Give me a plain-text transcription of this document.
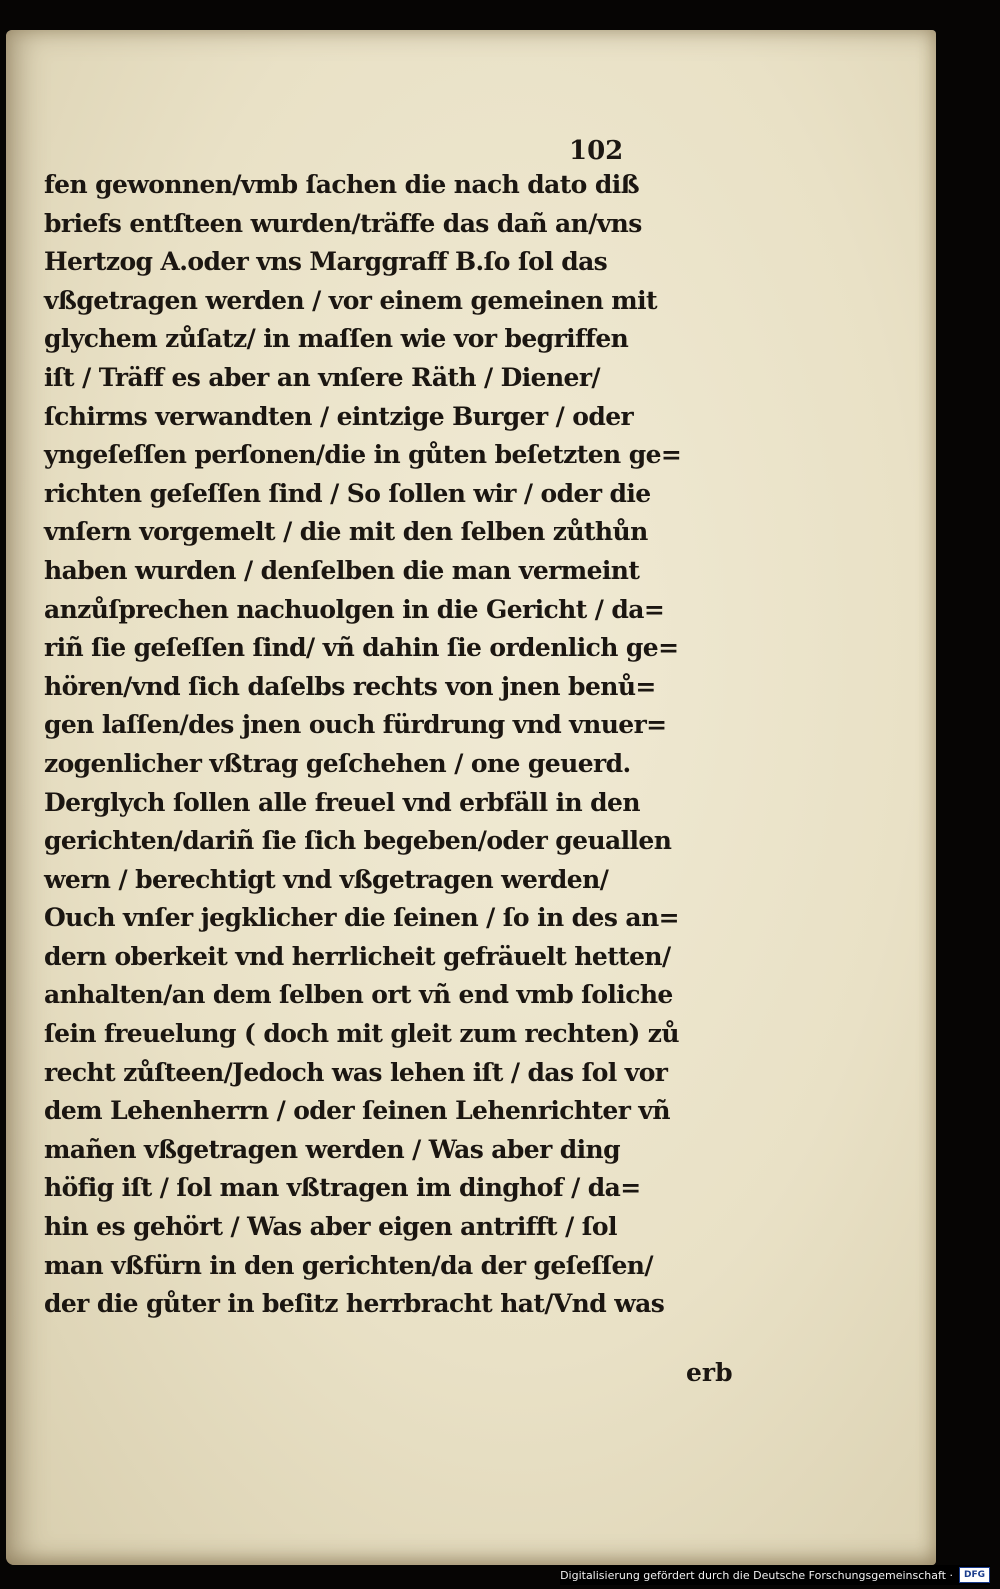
102

fen gewonnen/vmb ſachen die nach dato diß
briefs entſteen wurden/träffe das dañ an/vns
Hertzog A.oder vns Marggraff B.ſo ſol das
vßgetragen werden / vor einem gemeinen mit
glychem zůſatz/ in maſſen wie vor begriffen
iſt / Träff es aber an vnſere Räth / Diener/
ſchirms verwandten / eintzige Burger / oder
yngeſeſſen perſonen/die in gůten beſetzten ge=
richten geſeſſen ſind / So ſollen wir / oder die
vnſern vorgemelt / die mit den ſelben zůthůn
haben wurden / denſelben die man vermeint
anzůſprechen nachuolgen in die Gericht / da=
riñ ſie geſeſſen ſind/ vñ dahin ſie ordenlich ge=
hören/vnd ſich daſelbs rechts von jnen benů=
gen laſſen/des jnen ouch fürdrung vnd vnuer=
zogenlicher vßtrag geſchehen / one geuerd.
Derglych ſollen alle freuel vnd erbfäll in den
gerichten/dariñ ſie ſich begeben/oder geuallen
wern / berechtigt vnd vßgetragen werden/
Ouch vnſer jegklicher die ſeinen / ſo in des an=
dern oberkeit vnd herrlicheit gefräuelt hetten/
anhalten/an dem ſelben ort vñ end vmb ſoliche
ſein freuelung ( doch mit gleit zum rechten) zů
recht zůſteen/Jedoch was lehen iſt / das ſol vor
dem Lehenherrn / oder ſeinen Lehenrichter vñ
mañen vßgetragen werden / Was aber ding
höfig iſt / ſol man vßtragen im dinghof / da=
hin es gehört / Was aber eigen antrifft / ſol
man vßfürn in den gerichten/da der geſeſſen/
der die gůter in beſitz herrbracht hat/Vnd was

erb

Digitalisierung gefördert durch die Deutsche Forschungsgemeinschaft ·	DFG
